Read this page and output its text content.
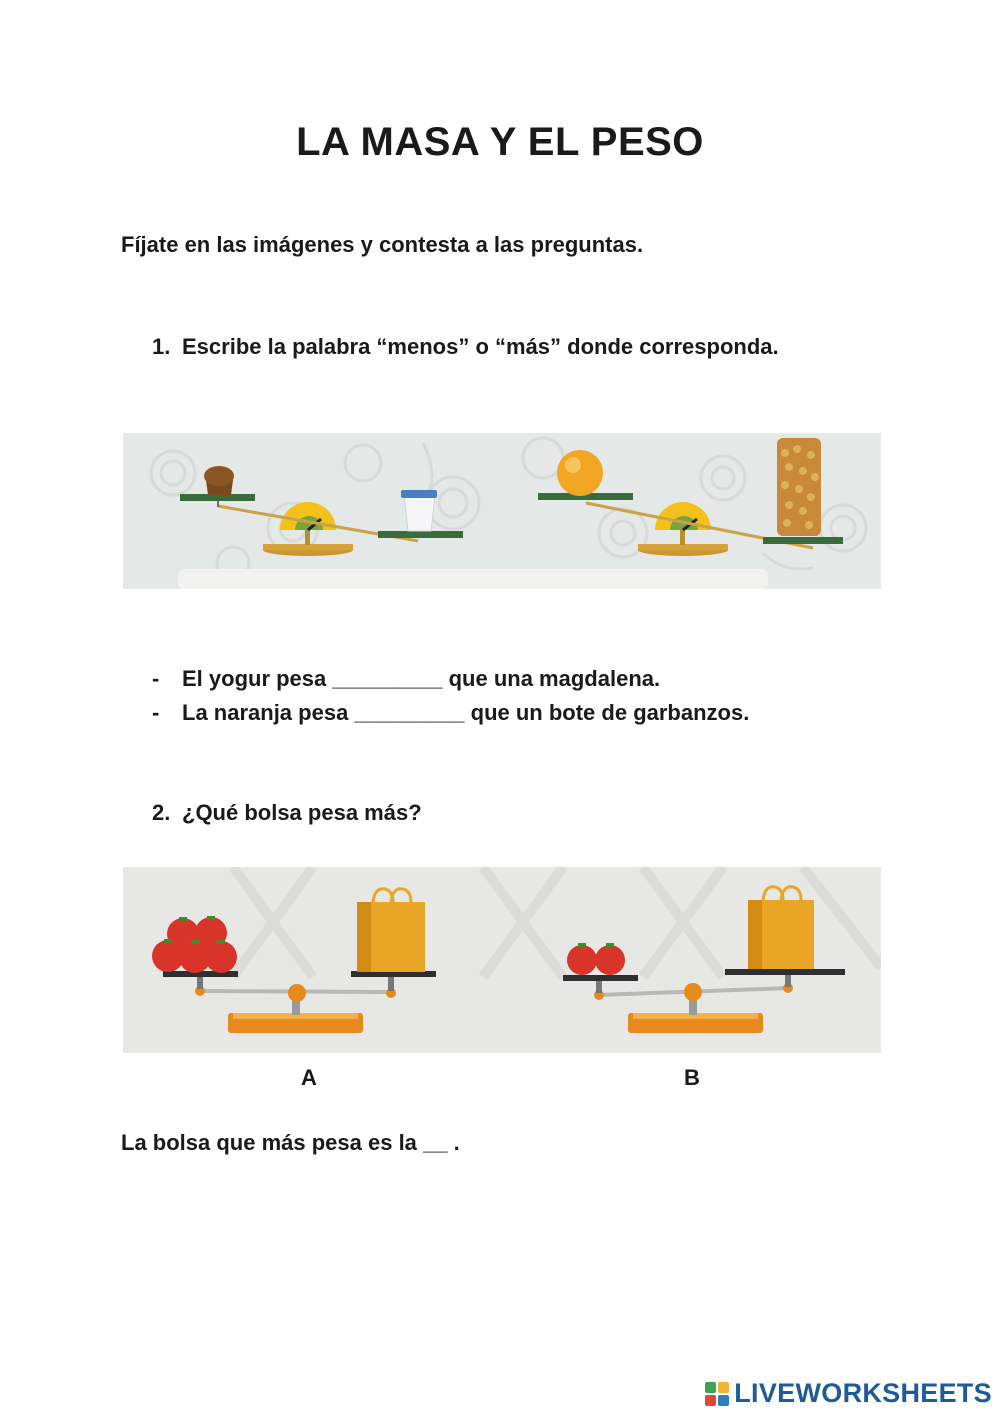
LA MASA Y EL PESO
Fíjate en las imágenes y contesta a las preguntas.
1. Escribe la palabra “menos” o “más” donde corresponda.
- El yogur pesa _________ que una magdalena.
- La naranja pesa _________ que un bote de garbanzos.
2. ¿Qué bolsa pesa más?
A	B
La bolsa que más pesa es la __ .
LIVEWORKSHEETS
